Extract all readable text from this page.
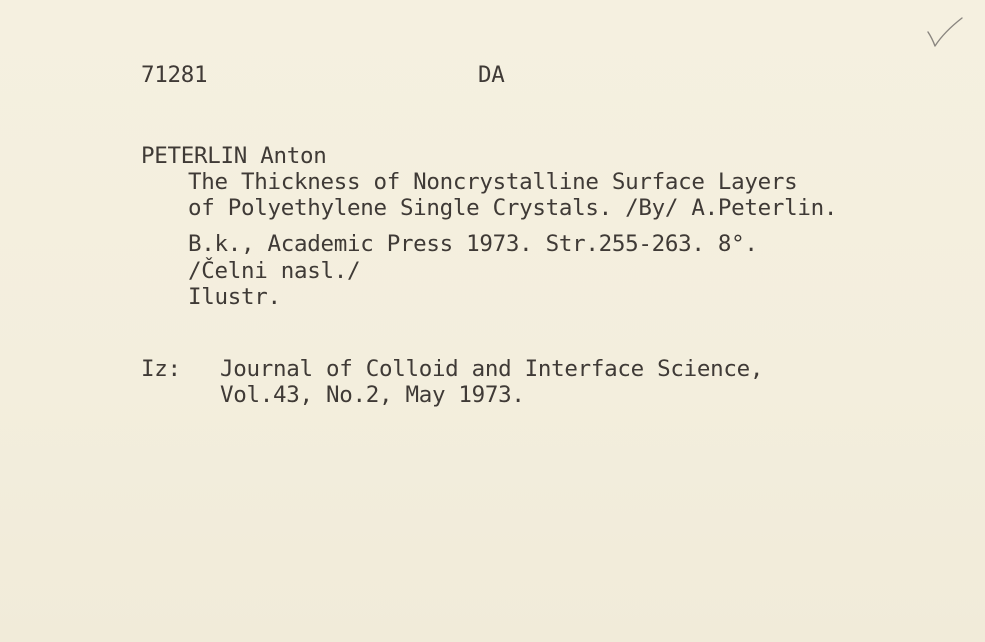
71281	DA
PETERLIN Anton
The Thickness of Noncrystalline Surface Layers
of Polyethylene Single Crystals. /By/ A.Peterlin.
B.k., Academic Press 1973. Str.255-263. 8°.
/Čelni nasl./
Ilustr.
Iz: Journal of Colloid and Interface Science,
Vol.43, No.2, May 1973.
